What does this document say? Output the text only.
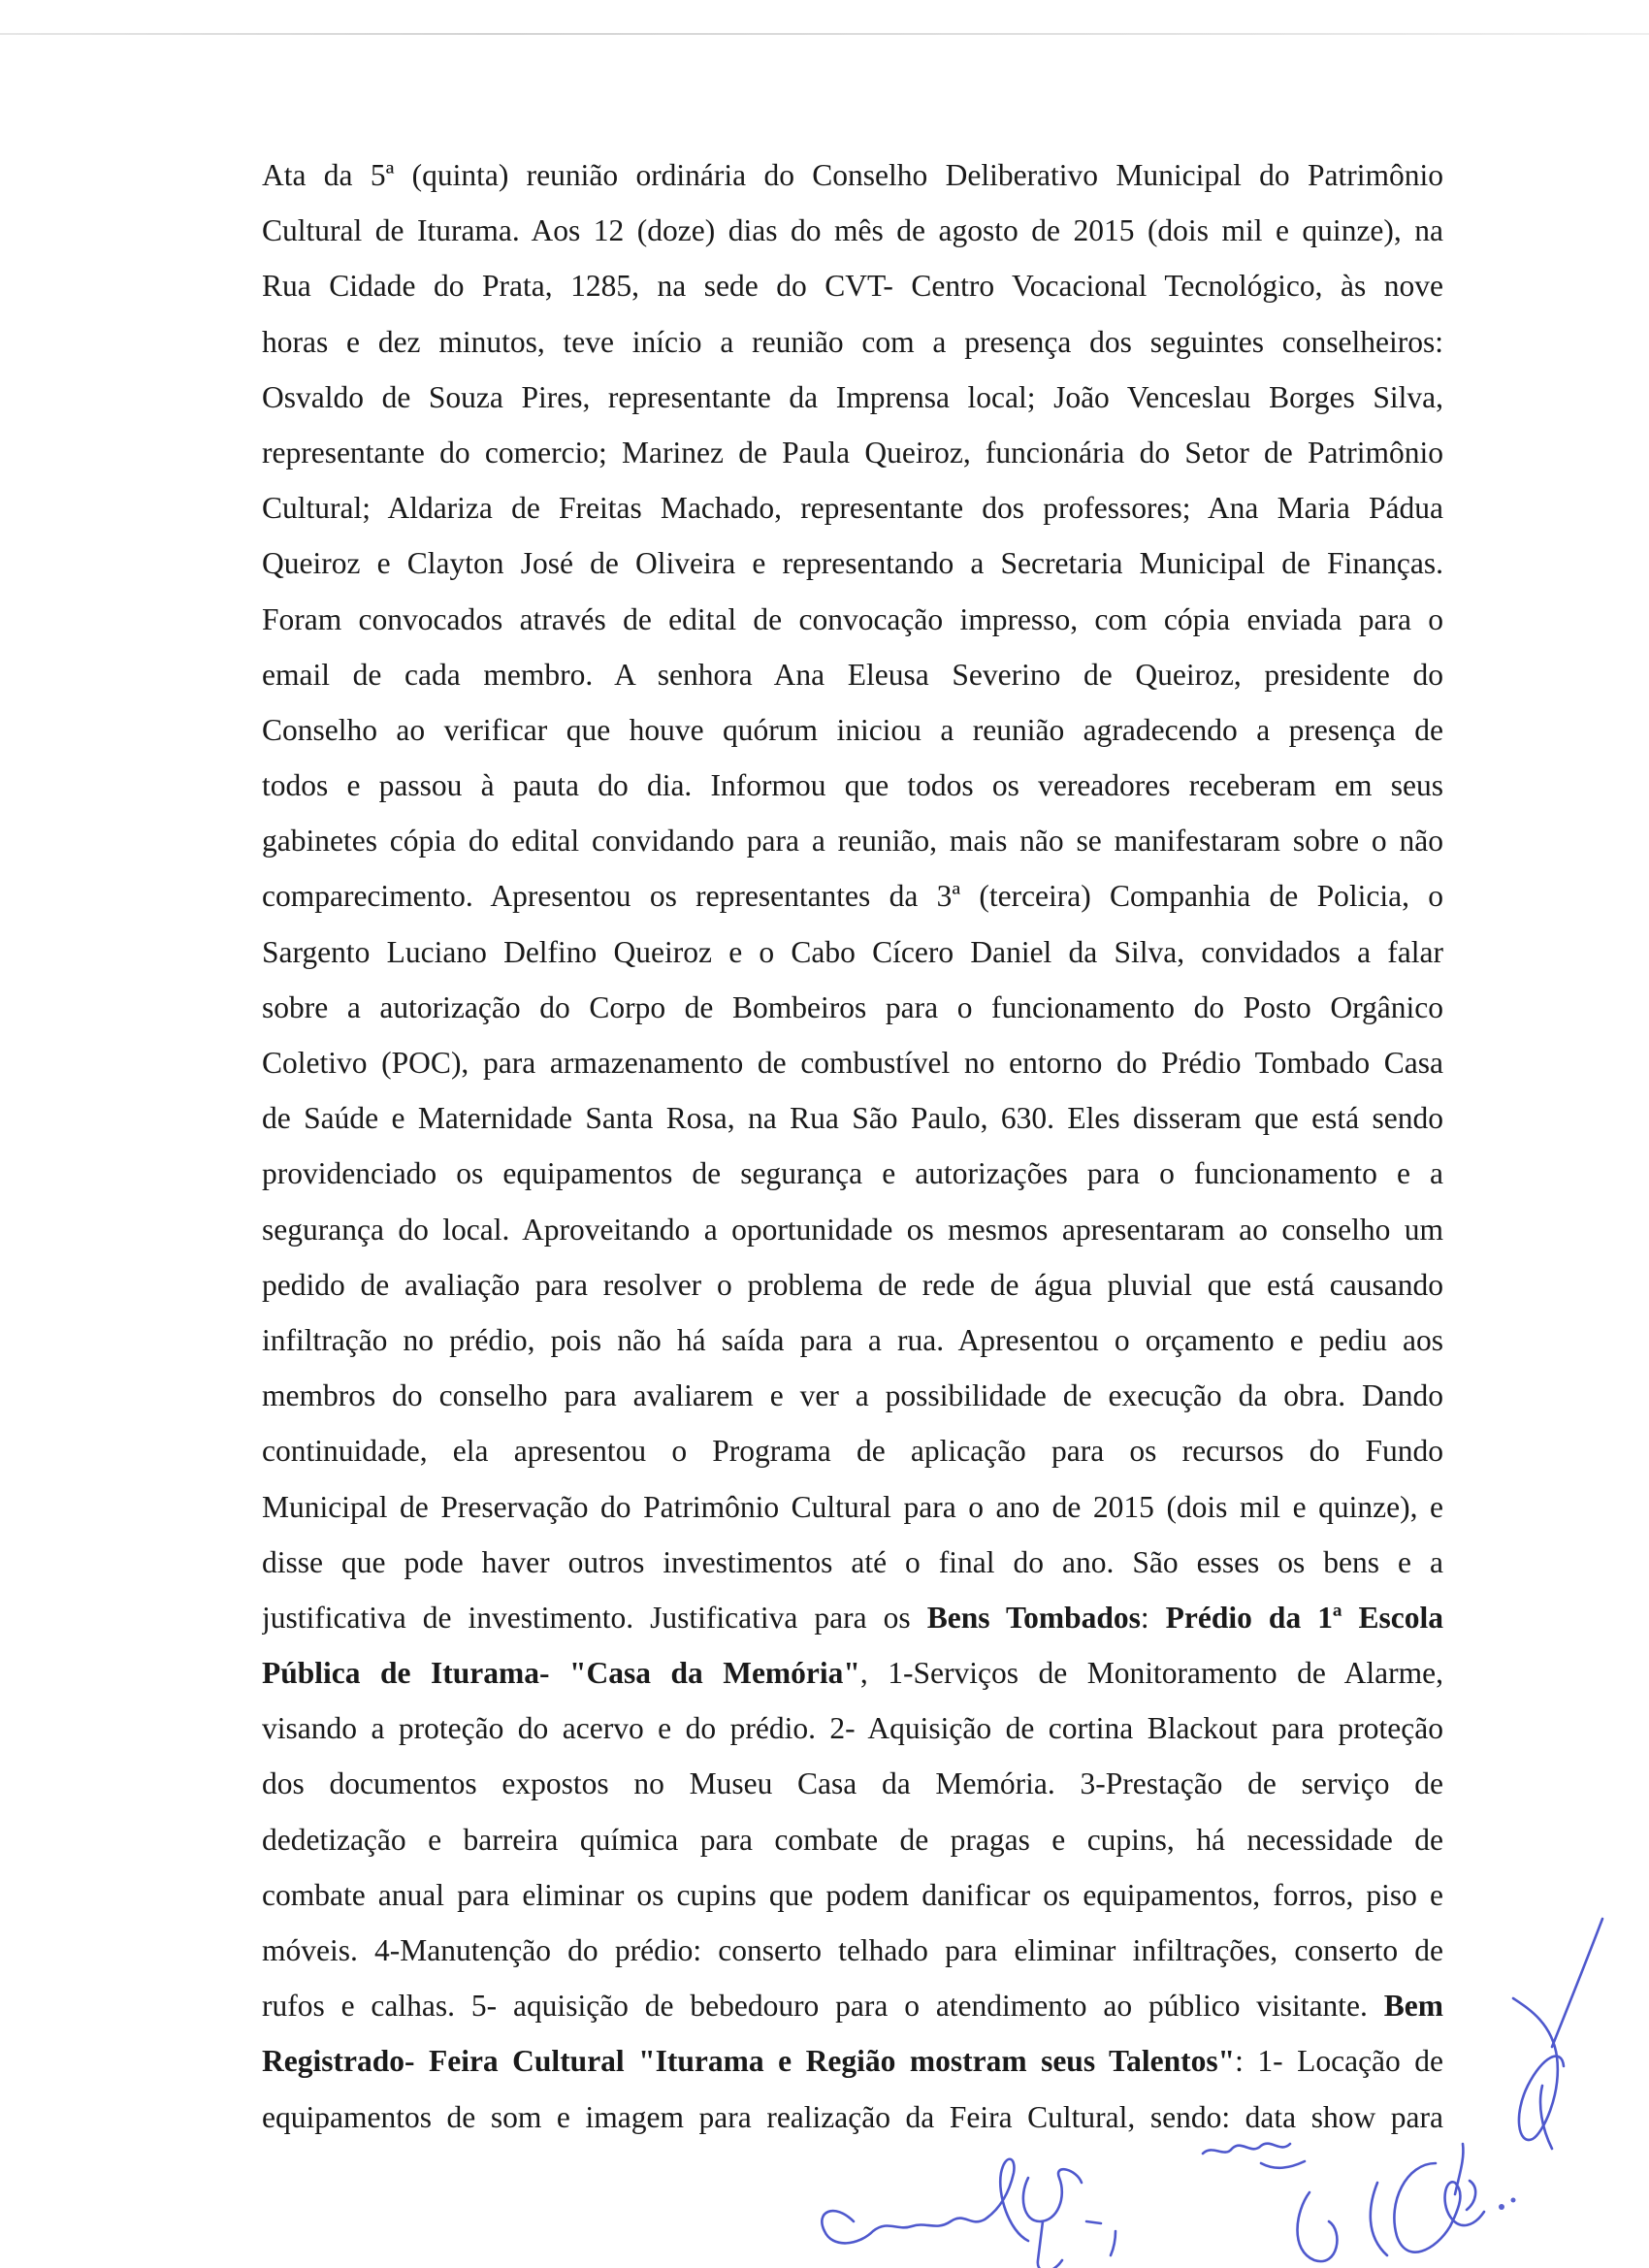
Ata da 5ª (quinta) reunião ordinária do Conselho Deliberativo Municipal do Patrimônio
Cultural de Iturama. Aos 12 (doze) dias do mês de agosto de 2015 (dois mil e quinze), na
Rua Cidade do Prata, 1285, na sede do CVT- Centro Vocacional Tecnológico, às nove
horas e dez minutos, teve início a reunião com a presença dos seguintes conselheiros:
Osvaldo de Souza Pires, representante da Imprensa local; João Venceslau Borges Silva,
representante do comercio; Marinez de Paula Queiroz, funcionária do Setor de Patrimônio
Cultural; Aldariza de Freitas Machado, representante dos professores; Ana Maria Pádua
Queiroz e Clayton José de Oliveira e representando a Secretaria Municipal de Finanças.
Foram convocados através de edital de convocação impresso, com cópia enviada para o
email de cada membro. A senhora Ana Eleusa Severino de Queiroz, presidente do
Conselho ao verificar que houve quórum iniciou a reunião agradecendo a presença de
todos e passou à pauta do dia. Informou que todos os vereadores receberam em seus
gabinetes cópia do edital convidando para a reunião, mais não se manifestaram sobre o não
comparecimento. Apresentou os representantes da 3ª (terceira) Companhia de Policia, o
Sargento Luciano Delfino Queiroz e o Cabo Cícero Daniel da Silva, convidados a falar
sobre a autorização do Corpo de Bombeiros para o funcionamento do Posto Orgânico
Coletivo (POC), para armazenamento de combustível no entorno do Prédio Tombado Casa
de Saúde e Maternidade Santa Rosa, na Rua São Paulo, 630. Eles disseram que está sendo
providenciado os equipamentos de segurança e autorizações para o funcionamento e a
segurança do local. Aproveitando a oportunidade os mesmos apresentaram ao conselho um
pedido de avaliação para resolver o problema de rede de água pluvial que está causando
infiltração no prédio, pois não há saída para a rua. Apresentou o orçamento e pediu aos
membros do conselho para avaliarem e ver a possibilidade de execução da obra. Dando
continuidade, ela apresentou o Programa de aplicação para os recursos do Fundo
Municipal de Preservação do Patrimônio Cultural para o ano de 2015 (dois mil e quinze), e
disse que pode haver outros investimentos até o final do ano. São esses os bens e a
justificativa de investimento. Justificativa para os Bens Tombados: Prédio da 1ª Escola
Pública de Iturama- "Casa da Memória", 1-Serviços de Monitoramento de Alarme,
visando a proteção do acervo e do prédio. 2- Aquisição de cortina Blackout para proteção
dos documentos expostos no Museu Casa da Memória. 3-Prestação de serviço de
dedetização e barreira química para combate de pragas e cupins, há necessidade de
combate anual para eliminar os cupins que podem danificar os equipamentos, forros, piso e
móveis. 4-Manutenção do prédio: conserto telhado para eliminar infiltrações, conserto de
rufos e calhas. 5- aquisição de bebedouro para o atendimento ao público visitante. Bem
Registrado- Feira Cultural "Iturama e Região mostram seus Talentos": 1- Locação de
equipamentos de som e imagem para realização da Feira Cultural, sendo: data show para
